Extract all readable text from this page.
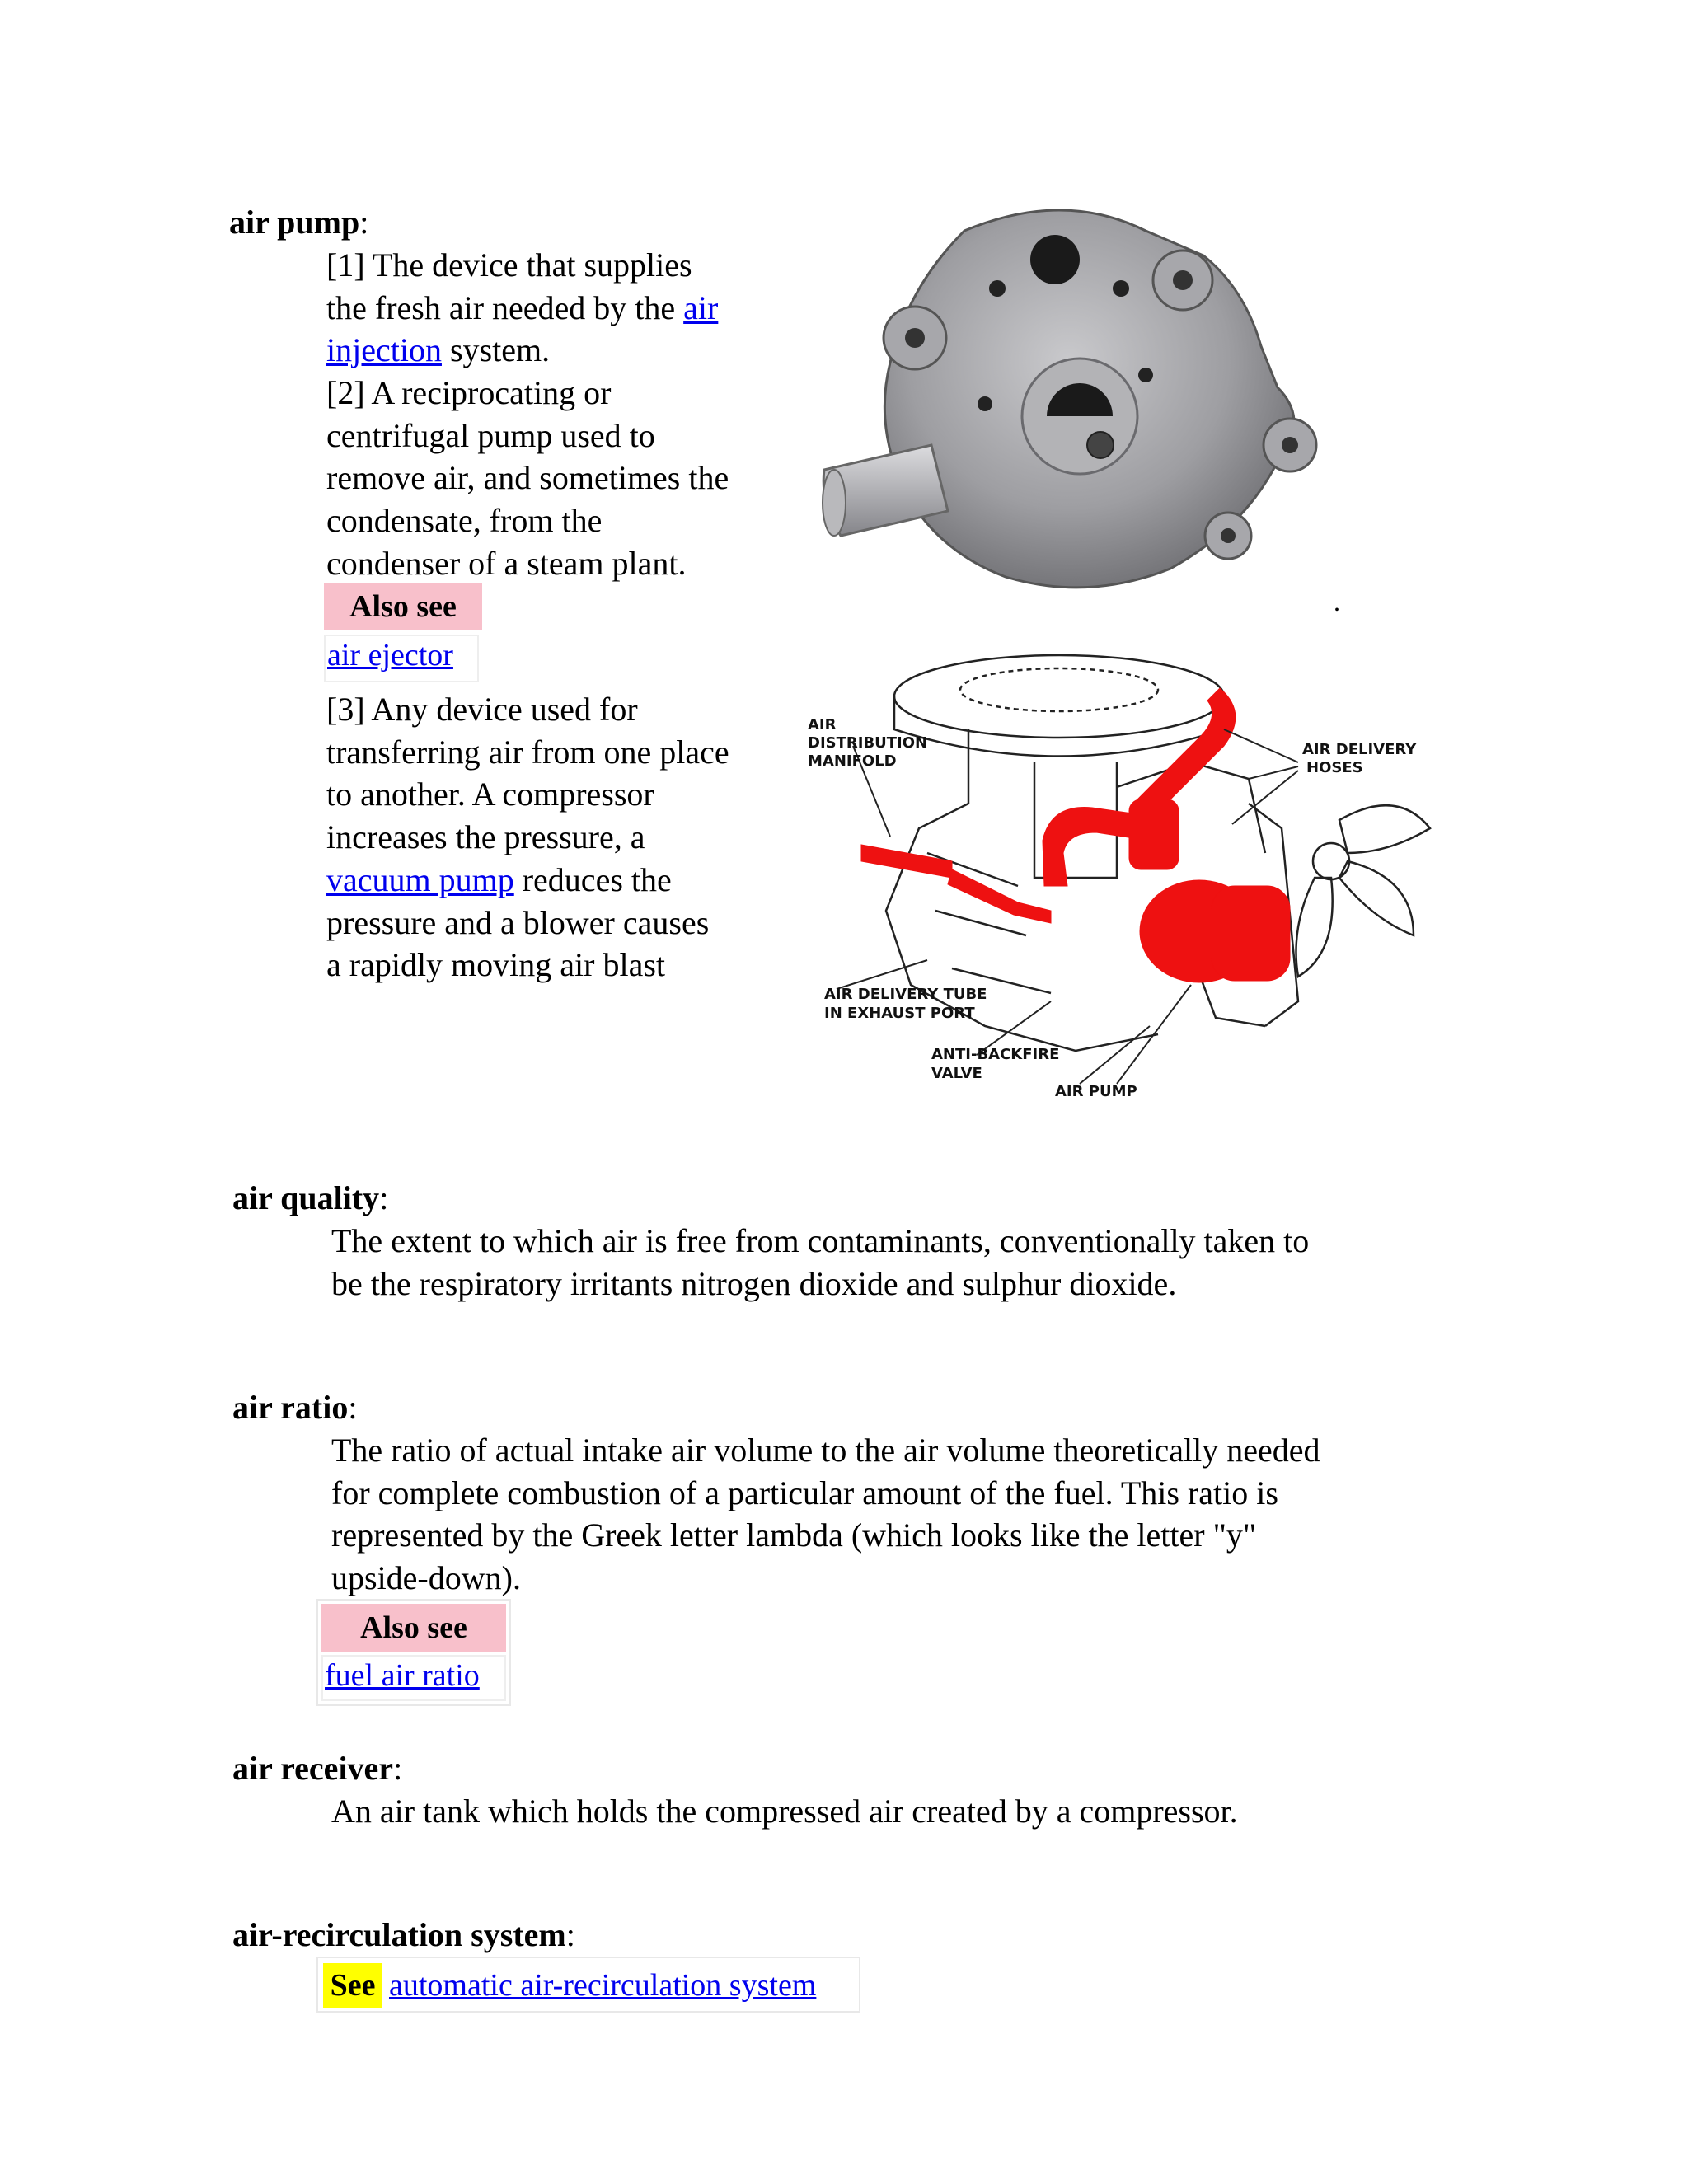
air pump:
[1] The device that supplies
the fresh air needed by the air
injection system.
[2] A reciprocating or
centrifugal pump used to
remove air, and sometimes the
condensate, from the
condenser of a steam plant.
Also see
air ejector
[3] Any device used for
transferring air from one place
to another. A compressor
increases the pressure, a
vacuum pump reduces the
pressure and a blower causes
a rapidly moving air blast
.
AIR
DISTRIBUTION
MANIFOLD
AIR DELIVERY
HOSES
AIR DELIVERY TUBE
IN EXHAUST PORT
ANTI-BACKFIRE
VALVE
AIR PUMP
air quality:
The extent to which air is free from contaminants, conventionally taken to
be the respiratory irritants nitrogen dioxide and sulphur dioxide.
air ratio:
The ratio of actual intake air volume to the air volume theoretically needed
for complete combustion of a particular amount of the fuel. This ratio is
represented by the Greek letter lambda (which looks like the letter "y"
upside-down).
Also see
fuel air ratio
air receiver:
An air tank which holds the compressed air created by a compressor.
air-recirculation system:
See automatic air-recirculation system
